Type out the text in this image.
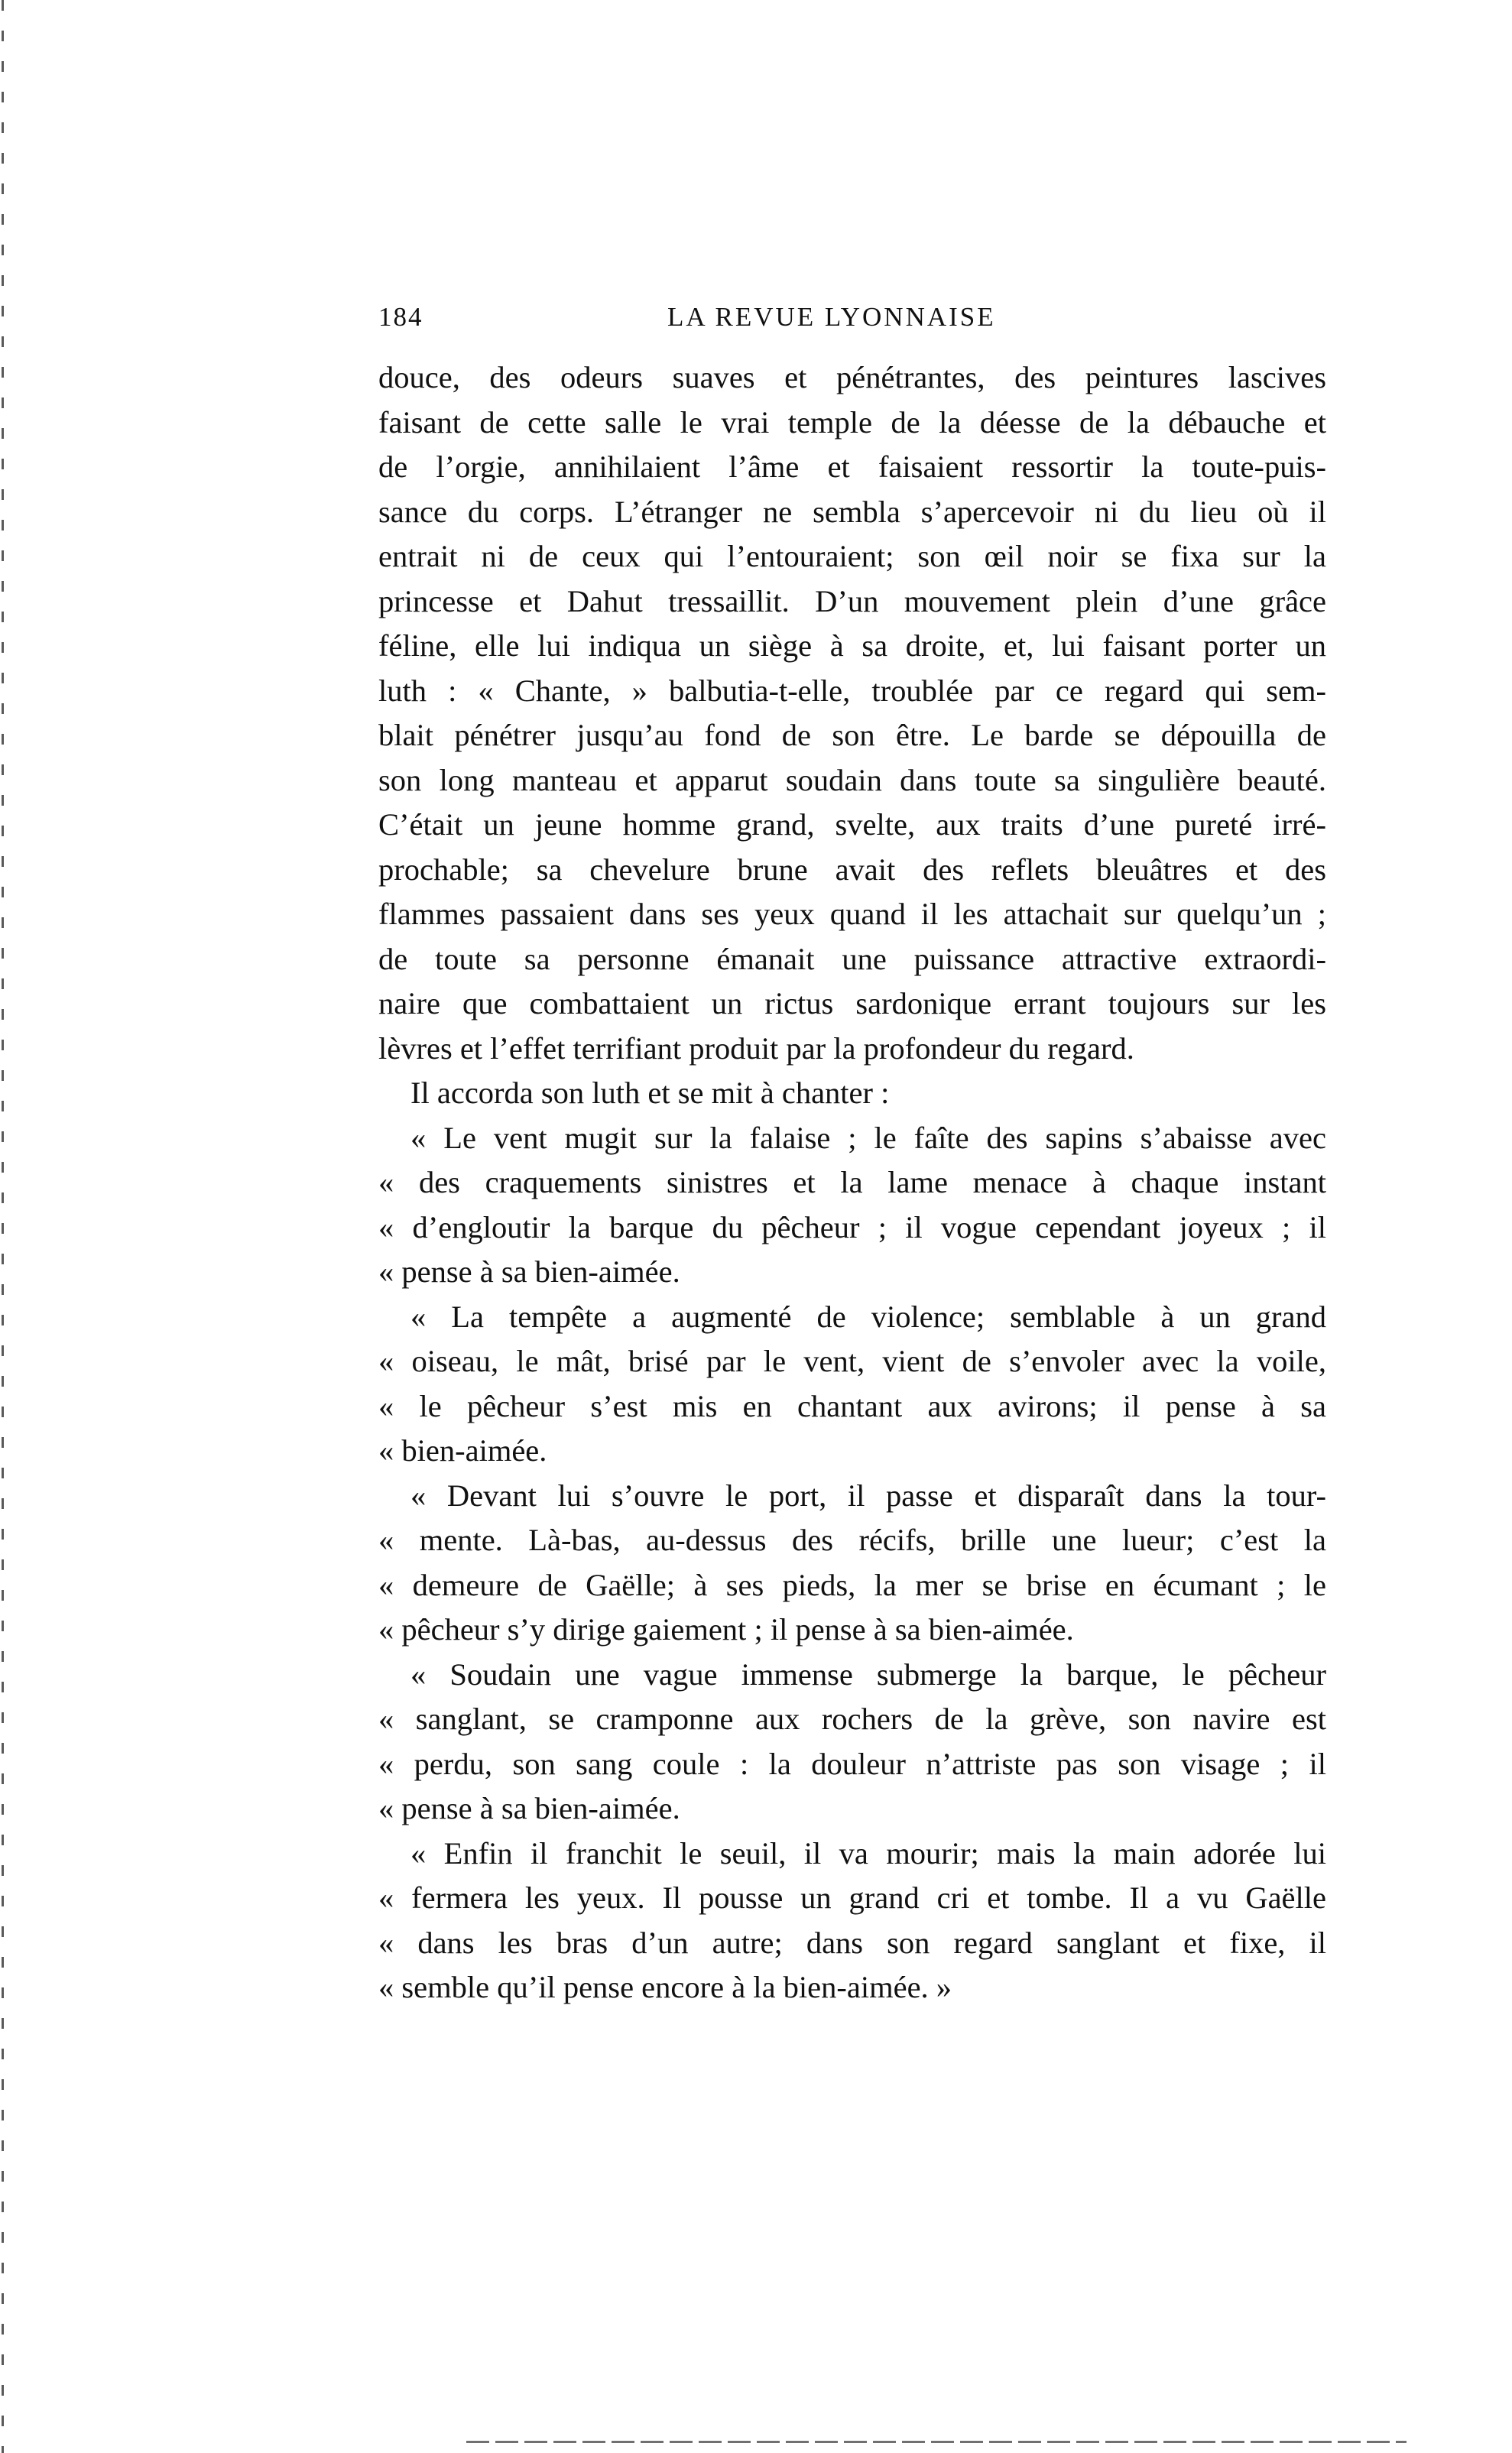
184	LA REVUE LYONNAISE
douce, des odeurs suaves et pénétrantes, des peintures lascives
faisant de cette salle le vrai temple de la déesse de la débauche et
de l’orgie, annihilaient l’âme et faisaient ressortir la toute-puis-
sance du corps. L’étranger ne sembla s’apercevoir ni du lieu où il
entrait ni de ceux qui l’entouraient; son œil noir se fixa sur la
princesse et Dahut tressaillit. D’un mouvement plein d’une grâce
féline, elle lui indiqua un siège à sa droite, et, lui faisant porter un
luth : « Chante, » balbutia-t-elle, troublée par ce regard qui sem-
blait pénétrer jusqu’au fond de son être. Le barde se dépouilla de
son long manteau et apparut soudain dans toute sa singulière beauté.
C’était un jeune homme grand, svelte, aux traits d’une pureté irré-
prochable; sa chevelure brune avait des reflets bleuâtres et des
flammes passaient dans ses yeux quand il les attachait sur quelqu’un ;
de toute sa personne émanait une puissance attractive extraordi-
naire que combattaient un rictus sardonique errant toujours sur les
lèvres et l’effet terrifiant produit par la profondeur du regard.
Il accorda son luth et se mit à chanter :
« Le vent mugit sur la falaise ; le faîte des sapins s’abaisse avec
« des craquements sinistres et la lame menace à chaque instant
« d’engloutir la barque du pêcheur ; il vogue cependant joyeux ; il
« pense à sa bien-aimée.
« La tempête a augmenté de violence; semblable à un grand
« oiseau, le mât, brisé par le vent, vient de s’envoler avec la voile,
« le pêcheur s’est mis en chantant aux avirons; il pense à sa
« bien-aimée.
« Devant lui s’ouvre le port, il passe et disparaît dans la tour-
« mente. Là-bas, au-dessus des récifs, brille une lueur; c’est la
« demeure de Gaëlle; à ses pieds, la mer se brise en écumant ; le
« pêcheur s’y dirige gaiement ; il pense à sa bien-aimée.
« Soudain une vague immense submerge la barque, le pêcheur
« sanglant, se cramponne aux rochers de la grève, son navire est
« perdu, son sang coule : la douleur n’attriste pas son visage ; il
« pense à sa bien-aimée.
« Enfin il franchit le seuil, il va mourir; mais la main adorée lui
« fermera les yeux. Il pousse un grand cri et tombe. Il a vu Gaëlle
« dans les bras d’un autre; dans son regard sanglant et fixe, il
« semble qu’il pense encore à la bien-aimée. »
